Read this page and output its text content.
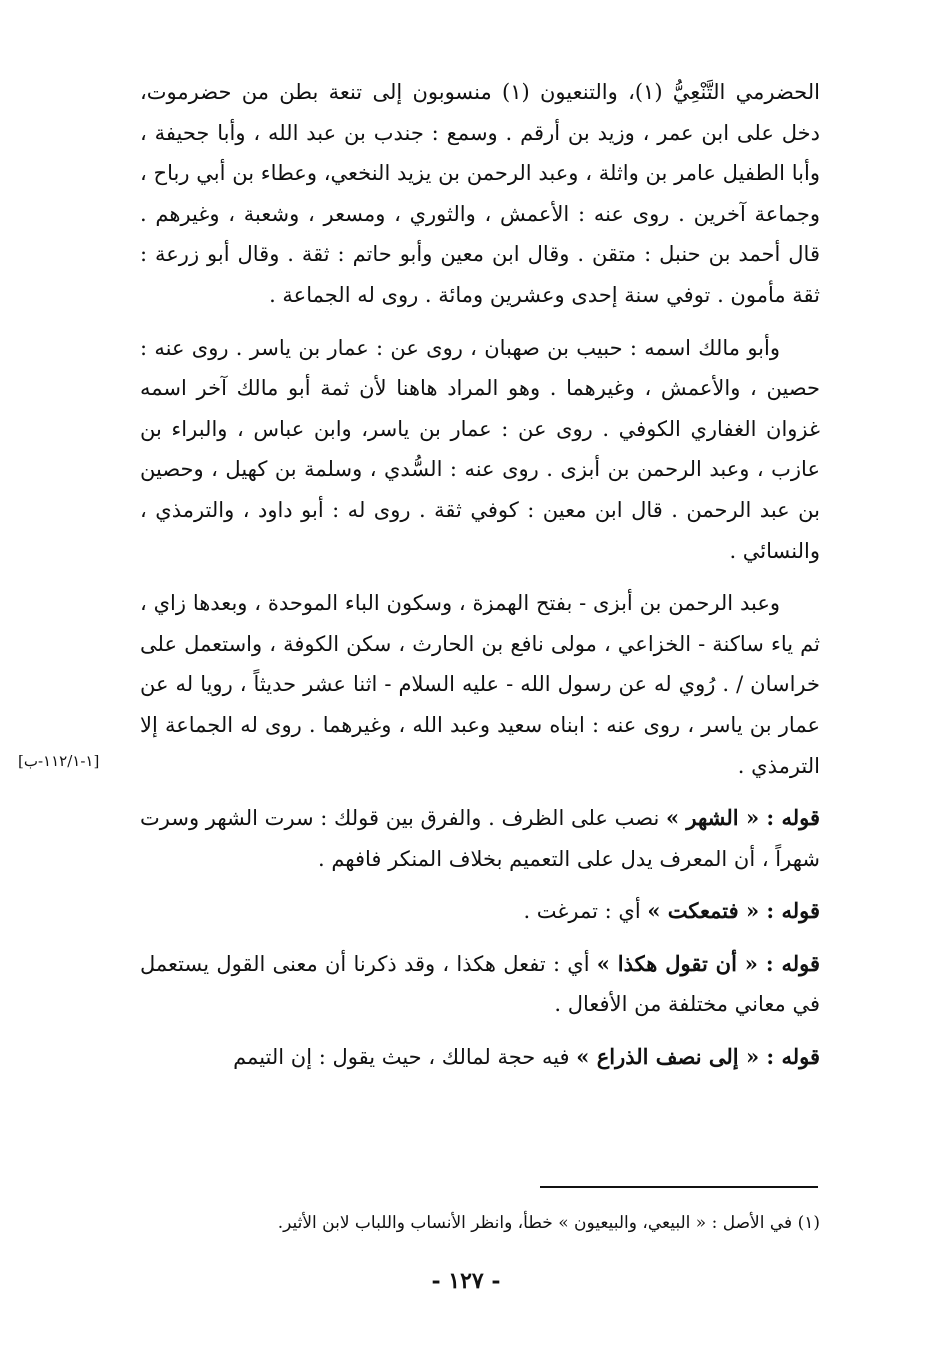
الحضرمي التَّنْعِيُّ (١)، والتنعيون (١) منسوبون إلى تنعة بطن من حضرموت، دخل على ابن عمر ، وزيد بن أرقم . وسمع : جندب بن عبد الله ، وأبا جحيفة ، وأبا الطفيل عامر بن واثلة ، وعبد الرحمن بن يزيد النخعي، وعطاء بن أبي رباح ، وجماعة آخرين . روى عنه : الأعمش ، والثوري ، ومسعر ، وشعبة ، وغيرهم . قال أحمد بن حنبل : متقن . وقال ابن معين وأبو حاتم : ثقة . وقال أبو زرعة : ثقة مأمون . توفي سنة إحدى وعشرين ومائة . روى له الجماعة .

وأبو مالك اسمه : حبيب بن صهبان ، روى عن : عمار بن ياسر . روى عنه : حصين ، والأعمش ، وغيرهما . وهو المراد هاهنا لأن ثمة أبو مالك آخر اسمه غزوان الغفاري الكوفي . روى عن : عمار بن ياسر، وابن عباس ، والبراء بن عازب ، وعبد الرحمن بن أبزى . روى عنه : السُّدي ، وسلمة بن كهيل ، وحصين بن عبد الرحمن . قال ابن معين : كوفي ثقة . روى له : أبو داود ، والترمذي ، والنسائي .

وعبد الرحمن بن أبزى - بفتح الهمزة ، وسكون الباء الموحدة ، وبعدها زاي ، ثم ياء ساكنة - الخزاعي ، مولى نافع بن الحارث ، سكن الكوفة ، واستعمل على خراسان / . رُوي له عن رسول الله - عليه السلام - اثنا عشر حديثاً ، رويا له عن عمار بن ياسر ، روى عنه : ابناه سعيد وعبد الله ، وغيرهما . روى له الجماعة إلا الترمذي .

قوله : « الشهر » نصب على الظرف . والفرق بين قولك : سرت الشهر وسرت شهراً ، أن المعرف يدل على التعميم بخلاف المنكر فافهم .

قوله : « فتمعكت » أي : تمرغت .

قوله : « أن تقول هكذا » أي : تفعل هكذا ، وقد ذكرنا أن معنى القول يستعمل في معاني مختلفة من الأفعال .

قوله : « إلى نصف الذراع » فيه حجة لمالك ، حيث يقول : إن التيمم

[١-١١٢/١-ب]
(١) في الأصل : « البيعي، والبيعيون » خطأ، وانظر الأنساب واللباب لابن الأثير.
- ١٢٧ -
